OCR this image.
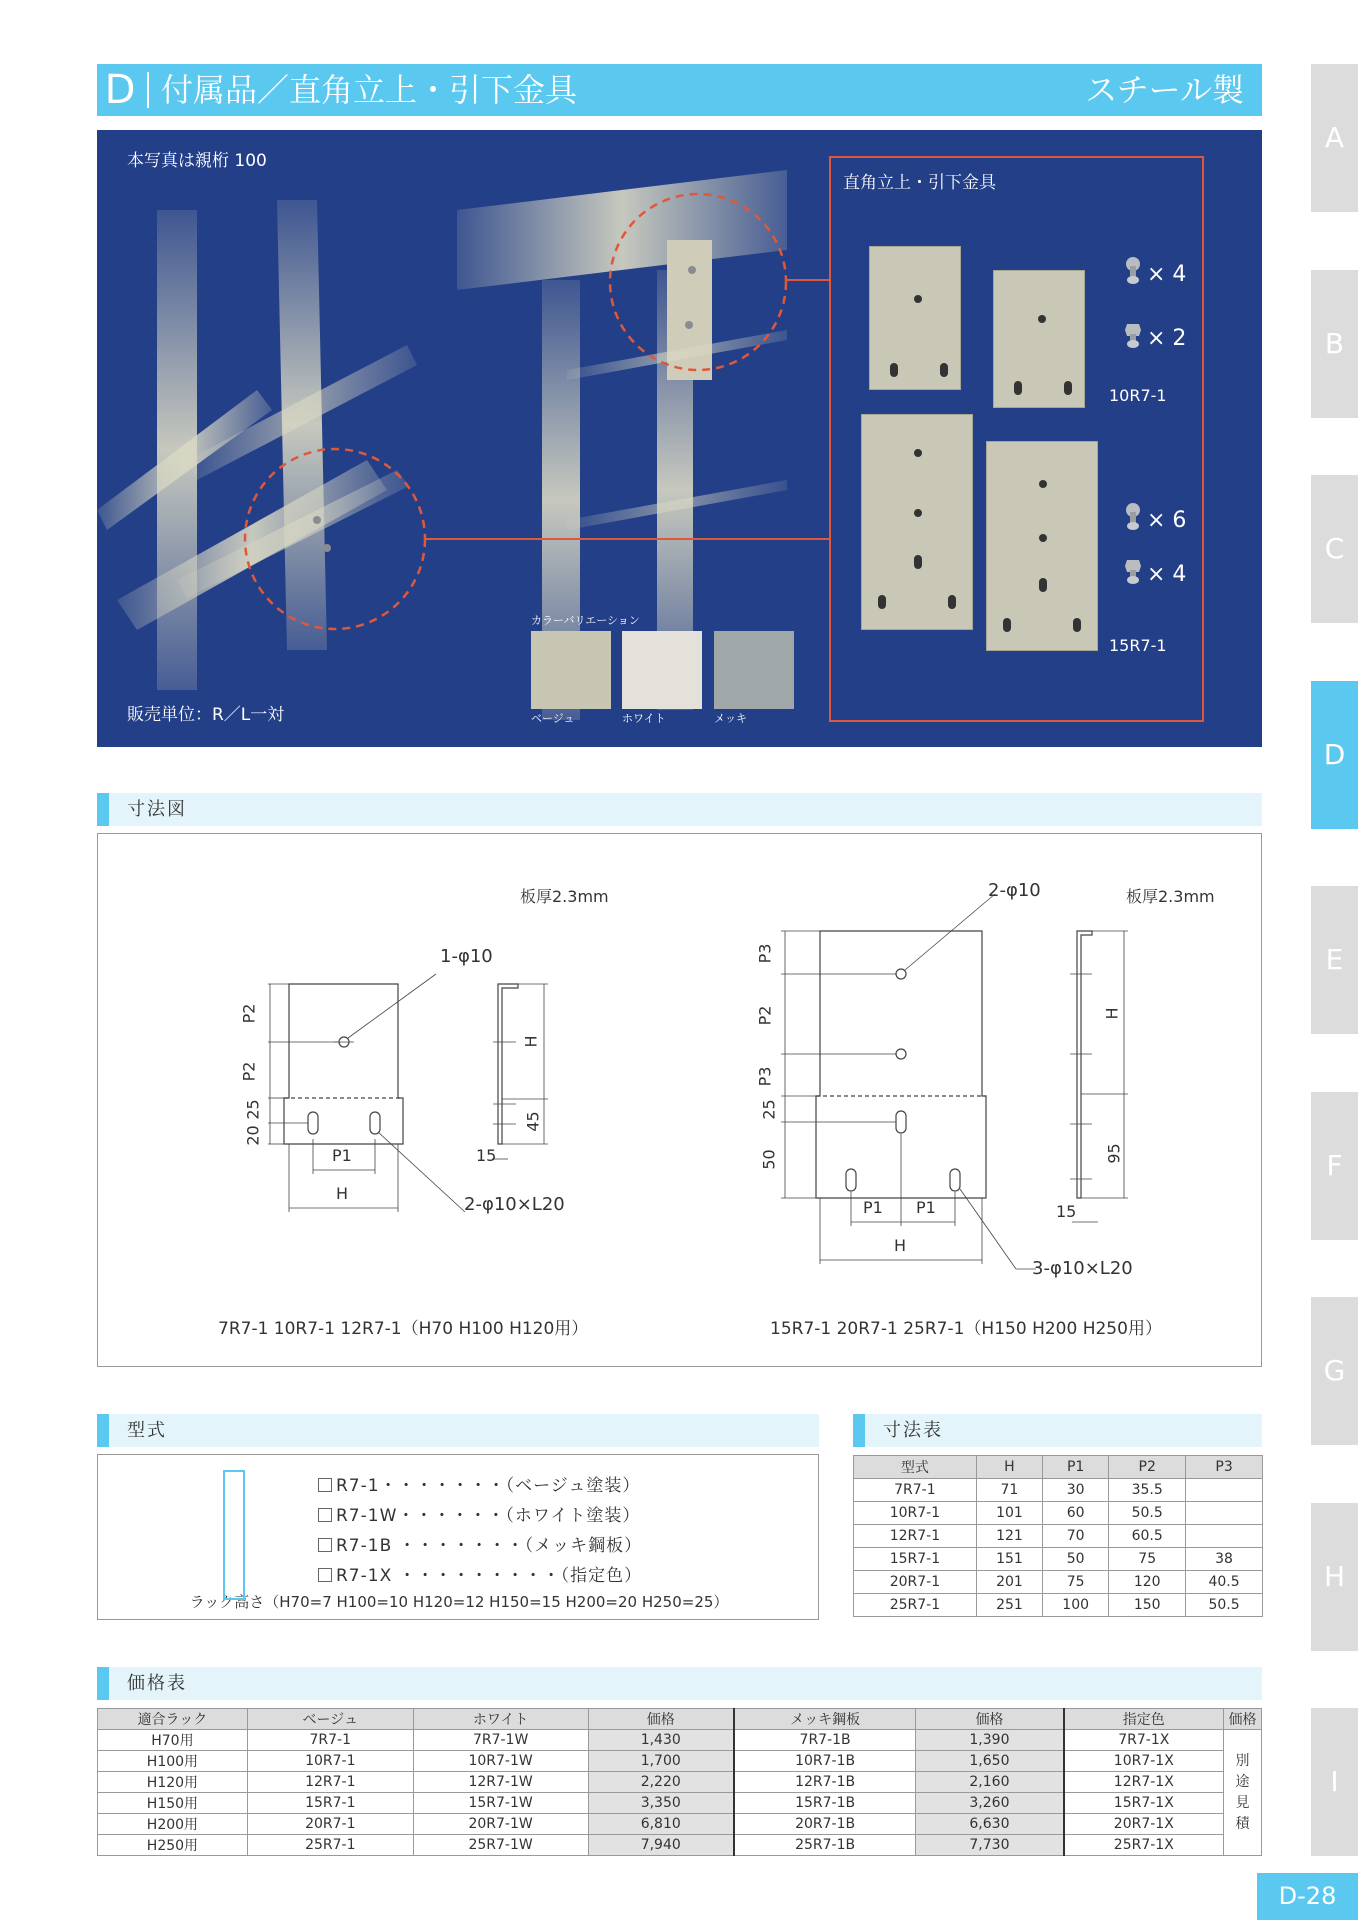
D 付属品／直角立上・引下金具	スチール製
A
B
C
D
E
F
G
H
I
D-28
本写真は親桁 100
販売単位：R／L一対
カラーバリエーション
ベージュ	ホワイト	メッキ
直角立上・引下金具
× 4
× 2
10R7-1
× 6
× 4
15R7-1
寸法図
板厚2.3mm
1-φ10
2-φ10×L20
P2
P2
25
20
P1
H
H
45
15
7R7-1 10R7-1 12R7-1（H70 H100 H120用）
板厚2.3mm
2-φ10
3-φ10×L20
P3
P2
P3
25
50
P1 P1
H
H
95
15
15R7-1 20R7-1 25R7-1（H150 H200 H250用）
型式	寸法表
R7-1・・・・・・・（ベージュ塗装）
R7-1W・・・・・・（ホワイト塗装）
R7-1B ・・・・・・・（メッキ鋼板）
R7-1X ・・・・・・・・・（指定色）
ラック高さ（H70=7 H100=10 H120=12 H150=15 H200=20 H250=25）
型式	H	P1	P2	P3
7R7-1	71	30	35.5	
10R7-1	101	60	50.5	
12R7-1	121	70	60.5	
15R7-1	151	50	75	38
20R7-1	201	75	120	40.5
25R7-1	251	100	150	50.5
価格表
適合ラック	ベージュ	ホワイト	価格	メッキ鋼板	価格	指定色	価格
H70用	7R7-1	7R7-1W	1,430	7R7-1B	1,390	7R7-1X	別途見積
H100用	10R7-1	10R7-1W	1,700	10R7-1B	1,650	10R7-1X	
H120用	12R7-1	12R7-1W	2,220	12R7-1B	2,160	12R7-1X	
H150用	15R7-1	15R7-1W	3,350	15R7-1B	3,260	15R7-1X	
H200用	20R7-1	20R7-1W	6,810	20R7-1B	6,630	20R7-1X	
H250用	25R7-1	25R7-1W	7,940	25R7-1B	7,730	25R7-1X	
